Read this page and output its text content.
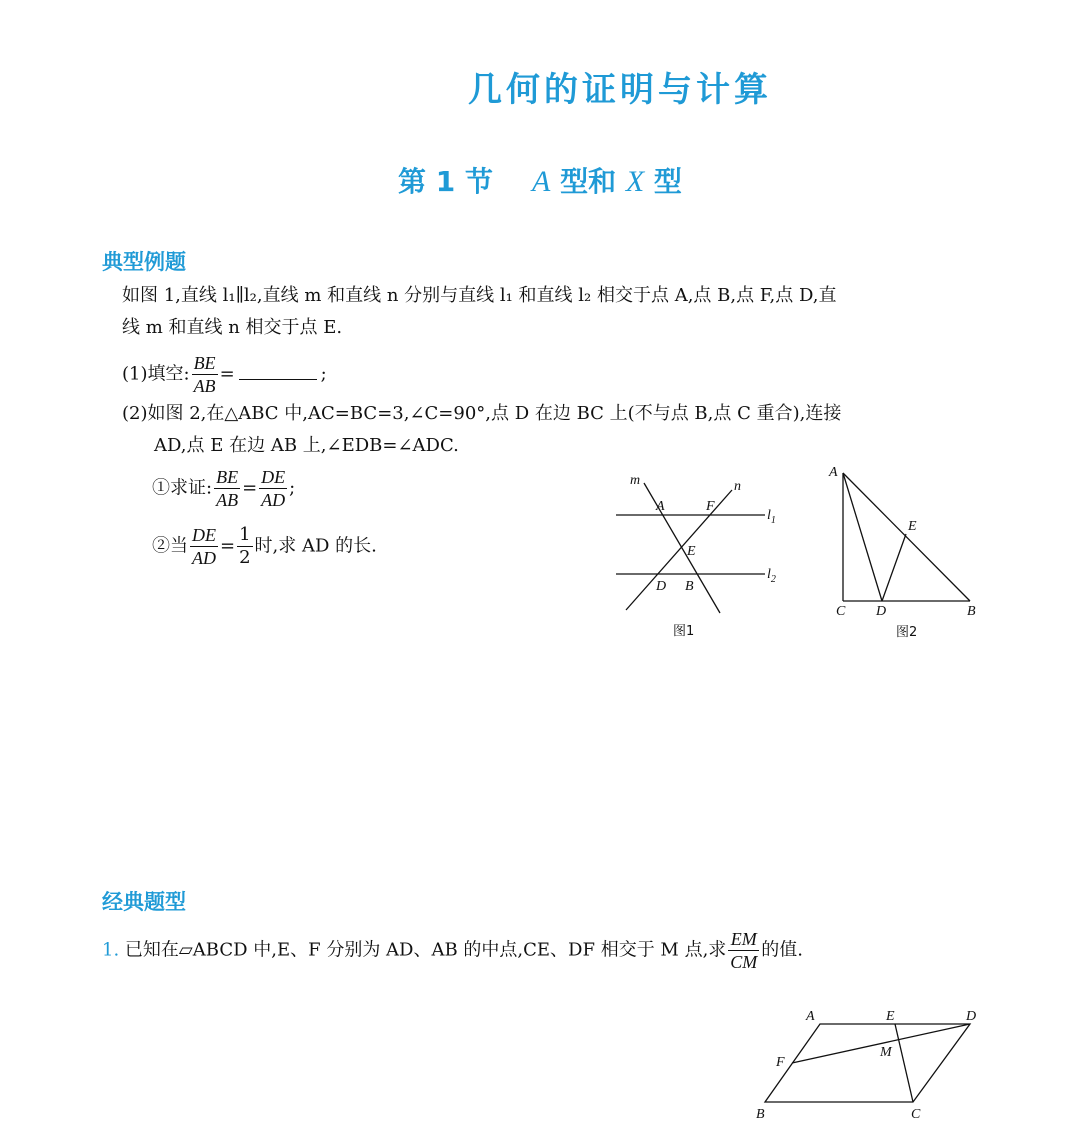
几何的证明与计算
第 1 节 A 型和 X 型
典型例题
如图 1,直线 l₁∥l₂,直线 m 和直线 n 分别与直线 l₁ 和直线 l₂ 相交于点 A,点 B,点 F,点 D,直
线 m 和直线 n 相交于点 E.
(1)填空: $\frac{BE}{AB}$ =	;
(2)如图 2,在△ABC 中,AC=BC=3,∠C=90°,点 D 在边 BC 上(不与点 B,点 C 重合),连接
AD,点 E 在边 AB 上,∠EDB=∠ADC.
①求证: $\frac{BE}{AB} = \frac{DE}{AD}$ ;
②当 $\frac{DE}{AD} = \frac{1}{2}$ 时,求 AD 的长.
m	n
A	F
E
D B
$l_1$
$l_2$
图1
A
E
C D	B
图2
经典题型
1. 已知在▱ABCD 中,E、F 分别为 AD、AB 的中点,CE、DF 相交于 M 点,求 $\frac{EM}{CM}$ 的值.
A	E	D
F
M
B	C
